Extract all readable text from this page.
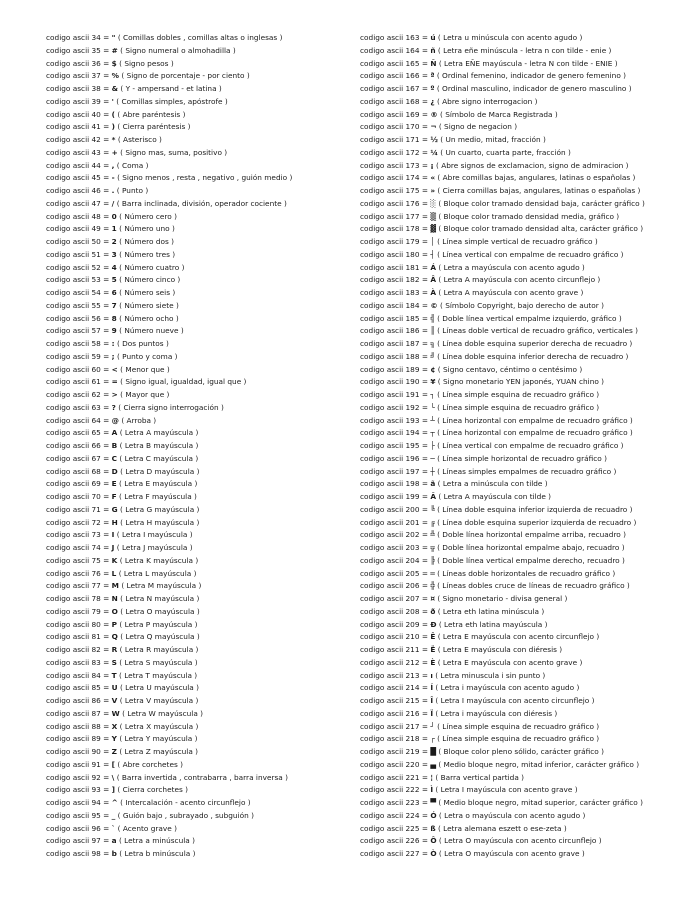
codigo ascii 34 = " ( Comillas dobles , comillas altas o inglesas )
codigo ascii 35 = # ( Signo numeral o almohadilla )
codigo ascii 36 = $ ( Signo pesos )
codigo ascii 37 = % ( Signo de porcentaje - por ciento )
codigo ascii 38 = & ( Y - ampersand - et latina )
codigo ascii 39 = ' ( Comillas simples, apóstrofe )
codigo ascii 40 = ( ( Abre paréntesis )
codigo ascii 41 = ) ( Cierra paréntesis )
codigo ascii 42 = * ( Asterisco )
codigo ascii 43 = + ( Signo mas, suma, positivo )
codigo ascii 44 = , ( Coma )
codigo ascii 45 = - ( Signo menos , resta , negativo , guión medio )
codigo ascii 46 = . ( Punto )
codigo ascii 47 = / ( Barra inclinada, división, operador cociente )
codigo ascii 48 = 0 ( Número cero )
codigo ascii 49 = 1 ( Número uno )
codigo ascii 50 = 2 ( Número dos )
codigo ascii 51 = 3 ( Número tres )
codigo ascii 52 = 4 ( Número cuatro )
codigo ascii 53 = 5 ( Número cinco )
codigo ascii 54 = 6 ( Número seis )
codigo ascii 55 = 7 ( Número siete )
codigo ascii 56 = 8 ( Número ocho )
codigo ascii 57 = 9 ( Número nueve )
codigo ascii 58 = : ( Dos puntos )
codigo ascii 59 = ; ( Punto y coma )
codigo ascii 60 = < ( Menor que )
codigo ascii 61 = = ( Signo igual, igualdad, igual que )
codigo ascii 62 = > ( Mayor que )
codigo ascii 63 = ? ( Cierra signo interrogación )
codigo ascii 64 = @ ( Arroba )
codigo ascii 65 = A ( Letra A mayúscula )
codigo ascii 66 = B ( Letra B mayúscula )
codigo ascii 67 = C ( Letra C mayúscula )
codigo ascii 68 = D ( Letra D mayúscula )
codigo ascii 69 = E ( Letra E mayúscula )
codigo ascii 70 = F ( Letra F mayúscula )
codigo ascii 71 = G ( Letra G mayúscula )
codigo ascii 72 = H ( Letra H mayúscula )
codigo ascii 73 = I ( Letra I mayúscula )
codigo ascii 74 = J ( Letra J mayúscula )
codigo ascii 75 = K ( Letra K mayúscula )
codigo ascii 76 = L ( Letra L mayúscula )
codigo ascii 77 = M ( Letra M mayúscula )
codigo ascii 78 = N ( Letra N mayúscula )
codigo ascii 79 = O ( Letra O mayúscula )
codigo ascii 80 = P ( Letra P mayúscula )
codigo ascii 81 = Q ( Letra Q mayúscula )
codigo ascii 82 = R ( Letra R mayúscula )
codigo ascii 83 = S ( Letra S mayúscula )
codigo ascii 84 = T ( Letra T mayúscula )
codigo ascii 85 = U ( Letra U mayúscula )
codigo ascii 86 = V ( Letra V mayúscula )
codigo ascii 87 = W ( Letra W mayúscula )
codigo ascii 88 = X ( Letra X mayúscula )
codigo ascii 89 = Y ( Letra Y mayúscula )
codigo ascii 90 = Z ( Letra Z mayúscula )
codigo ascii 91 = [ ( Abre corchetes )
codigo ascii 92 = \ ( Barra invertida , contrabarra , barra inversa )
codigo ascii 93 = ] ( Cierra corchetes )
codigo ascii 94 = ^ ( Intercalación - acento circunflejo )
codigo ascii 95 = _ ( Guión bajo , subrayado , subguión )
codigo ascii 96 = ` ( Acento grave )
codigo ascii 97 = a ( Letra a minúscula )
codigo ascii 98 = b ( Letra b minúscula )
codigo ascii 163 = ú ( Letra u minúscula con acento agudo )
codigo ascii 164 = ñ ( Letra eñe minúscula - letra n con tilde - enie )
codigo ascii 165 = Ñ ( Letra EÑE mayúscula - letra N con tilde - ENIE )
codigo ascii 166 = ª ( Ordinal femenino, indicador de genero femenino )
codigo ascii 167 = º ( Ordinal masculino, indicador de genero masculino )
codigo ascii 168 = ¿ ( Abre signo interrogacion )
codigo ascii 169 = ® ( Símbolo de Marca Registrada )
codigo ascii 170 = ¬ ( Signo de negacion )
codigo ascii 171 = ½ ( Un medio, mitad, fracción )
codigo ascii 172 = ¼ ( Un cuarto, cuarta parte, fracción )
codigo ascii 173 = ¡ ( Abre signos de exclamacion, signo de admiracion )
codigo ascii 174 = « ( Abre comillas bajas, angulares, latinas o españolas )
codigo ascii 175 = » ( Cierra comillas bajas, angulares, latinas o españolas )
codigo ascii 176 = ░ ( Bloque color tramado densidad baja, carácter gráfico )
codigo ascii 177 = ▒ ( Bloque color tramado densidad media, gráfico )
codigo ascii 178 = ▓ ( Bloque color tramado densidad alta, carácter gráfico )
codigo ascii 179 = │ ( Línea simple vertical de recuadro gráfico )
codigo ascii 180 = ┤ ( Línea vertical con empalme de recuadro gráfico )
codigo ascii 181 = Á ( Letra a mayúscula con acento agudo )
codigo ascii 182 = Â ( Letra A mayúscula con acento circunflejo )
codigo ascii 183 = À ( Letra A mayúscula con acento grave )
codigo ascii 184 = © ( Símbolo Copyright, bajo derecho de autor )
codigo ascii 185 = ╣ ( Doble línea vertical empalme izquierdo, gráfico )
codigo ascii 186 = ║ ( Líneas doble vertical de recuadro gráfico, verticales )
codigo ascii 187 = ╗ ( Línea doble esquina superior derecha de recuadro )
codigo ascii 188 = ╝ ( Línea doble esquina inferior derecha de recuadro )
codigo ascii 189 = ¢ ( Signo centavo, céntimo o centésimo )
codigo ascii 190 = ¥ ( Signo monetario YEN japonés, YUAN chino )
codigo ascii 191 = ┐ ( Línea simple esquina de recuadro gráfico )
codigo ascii 192 = └ ( Línea simple esquina de recuadro gráfico )
codigo ascii 193 = ┴ ( Línea horizontal con empalme de recuadro gráfico )
codigo ascii 194 = ┬ ( Línea horizontal con empalme de recuadro gráfico )
codigo ascii 195 = ├ ( Línea vertical con empalme de recuadro gráfico )
codigo ascii 196 = ─ ( Línea simple horizontal de recuadro gráfico )
codigo ascii 197 = ┼ ( Líneas simples empalmes de recuadro gráfico )
codigo ascii 198 = ã ( Letra a minúscula con tilde )
codigo ascii 199 = Ã ( Letra A mayúscula con tilde )
codigo ascii 200 = ╚ ( Línea doble esquina inferior izquierda de recuadro )
codigo ascii 201 = ╔ ( Línea doble esquina superior izquierda de recuadro )
codigo ascii 202 = ╩ ( Doble línea horizontal empalme arriba, recuadro )
codigo ascii 203 = ╦ ( Doble línea horizontal empalme abajo, recuadro )
codigo ascii 204 = ╠ ( Doble línea vertical empalme derecho, recuadro )
codigo ascii 205 = ═ ( Líneas doble horizontales de recuadro gráfico )
codigo ascii 206 = ╬ ( Líneas dobles cruce de líneas de recuadro gráfico )
codigo ascii 207 = ¤ ( Signo monetario - divisa general )
codigo ascii 208 = ð ( Letra eth latina minúscula )
codigo ascii 209 = Ð ( Letra eth latina mayúscula )
codigo ascii 210 = Ê ( Letra E mayúscula con acento circunflejo )
codigo ascii 211 = Ë ( Letra E mayúscula con diéresis )
codigo ascii 212 = È ( Letra E mayúscula con acento grave )
codigo ascii 213 = ı ( Letra minuscula i sin punto )
codigo ascii 214 = Í ( Letra i mayúscula con acento agudo )
codigo ascii 215 = Î ( Letra I mayúscula con acento circunflejo )
codigo ascii 216 = Ï ( Letra i mayúscula con diéresis )
codigo ascii 217 = ┘ ( Línea simple esquina de recuadro gráfico )
codigo ascii 218 = ┌ ( Línea simple esquina de recuadro gráfico )
codigo ascii 219 = █ ( Bloque color pleno sólido, carácter gráfico )
codigo ascii 220 = ▄ ( Medio bloque negro, mitad inferior, carácter gráfico )
codigo ascii 221 = ¦ ( Barra vertical partida )
codigo ascii 222 = Ì ( Letra I mayúscula con acento grave )
codigo ascii 223 = ▀ ( Medio bloque negro, mitad superior, carácter gráfico )
codigo ascii 224 = Ó ( Letra o mayúscula con acento agudo )
codigo ascii 225 = ß ( Letra alemana eszett o ese-zeta )
codigo ascii 226 = Ô ( Letra O mayúscula con acento circunflejo )
codigo ascii 227 = Ò ( Letra O mayúscula con acento grave )
